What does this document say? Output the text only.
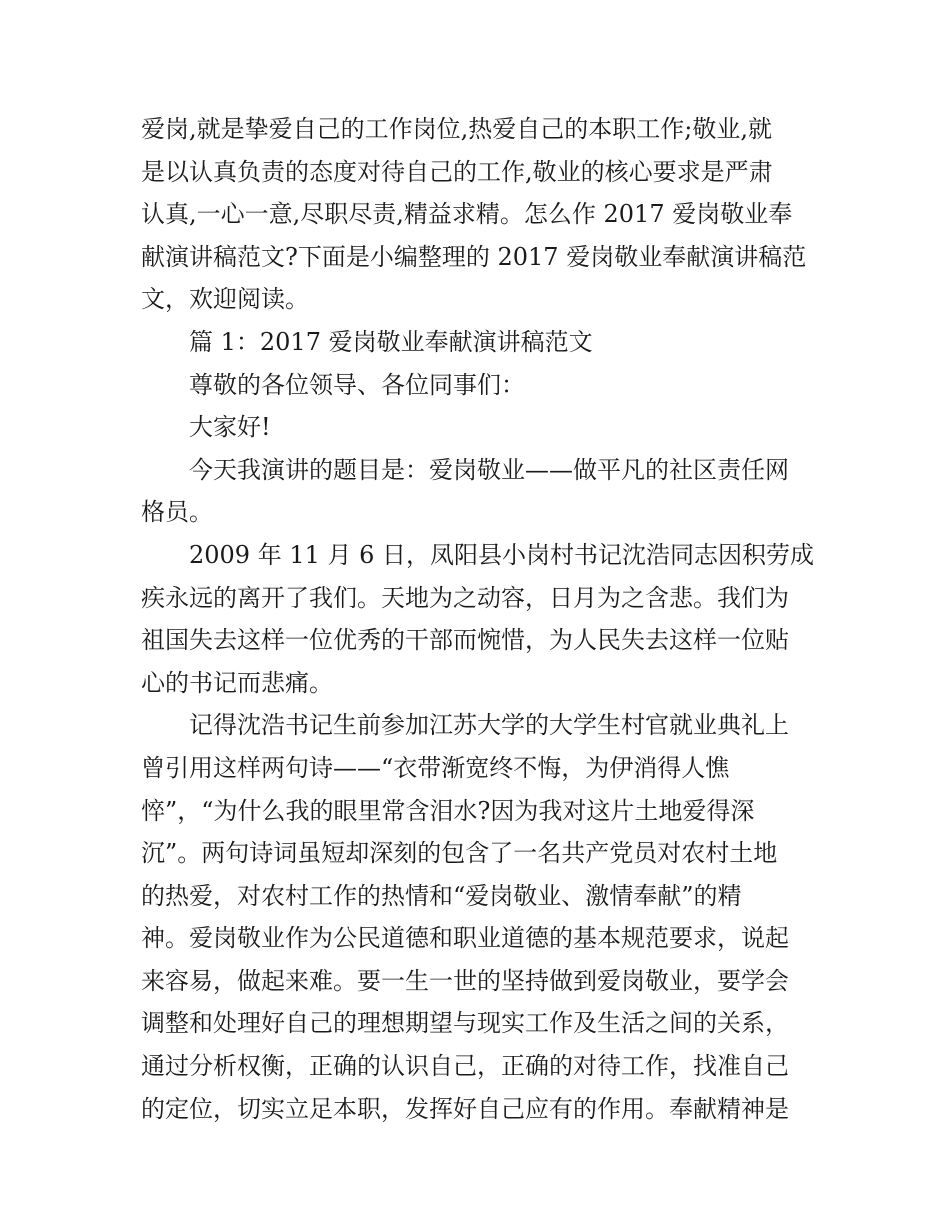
爱岗,就是挚爱自己的工作岗位,热爱自己的本职工作;敬业,就
是以认真负责的态度对待自己的工作,敬业的核心要求是严肃
认真,一心一意,尽职尽责,精益求精。怎么作 2017 爱岗敬业奉
献演讲稿范文?下面是小编整理的 2017 爱岗敬业奉献演讲稿范
文，欢迎阅读。
篇 1：2017 爱岗敬业奉献演讲稿范文
尊敬的各位领导、各位同事们：
大家好!
今天我演讲的题目是：爱岗敬业——做平凡的社区责任网
格员。
2009 年 11 月 6 日，凤阳县小岗村书记沈浩同志因积劳成
疾永远的离开了我们。天地为之动容，日月为之含悲。我们为
祖国失去这样一位优秀的干部而惋惜，为人民失去这样一位贴
心的书记而悲痛。
记得沈浩书记生前参加江苏大学的大学生村官就业典礼上
曾引用这样两句诗——“衣带渐宽终不悔，为伊消得人憔
悴”，“为什么我的眼里常含泪水?因为我对这片土地爱得深
沉”。两句诗词虽短却深刻的包含了一名共产党员对农村土地
的热爱，对农村工作的热情和“爱岗敬业、激情奉献”的精
神。爱岗敬业作为公民道德和职业道德的基本规范要求，说起
来容易，做起来难。要一生一世的坚持做到爱岗敬业，要学会
调整和处理好自己的理想期望与现实工作及生活之间的关系，
通过分析权衡，正确的认识自己，正确的对待工作，找准自己
的定位，切实立足本职，发挥好自己应有的作用。奉献精神是
